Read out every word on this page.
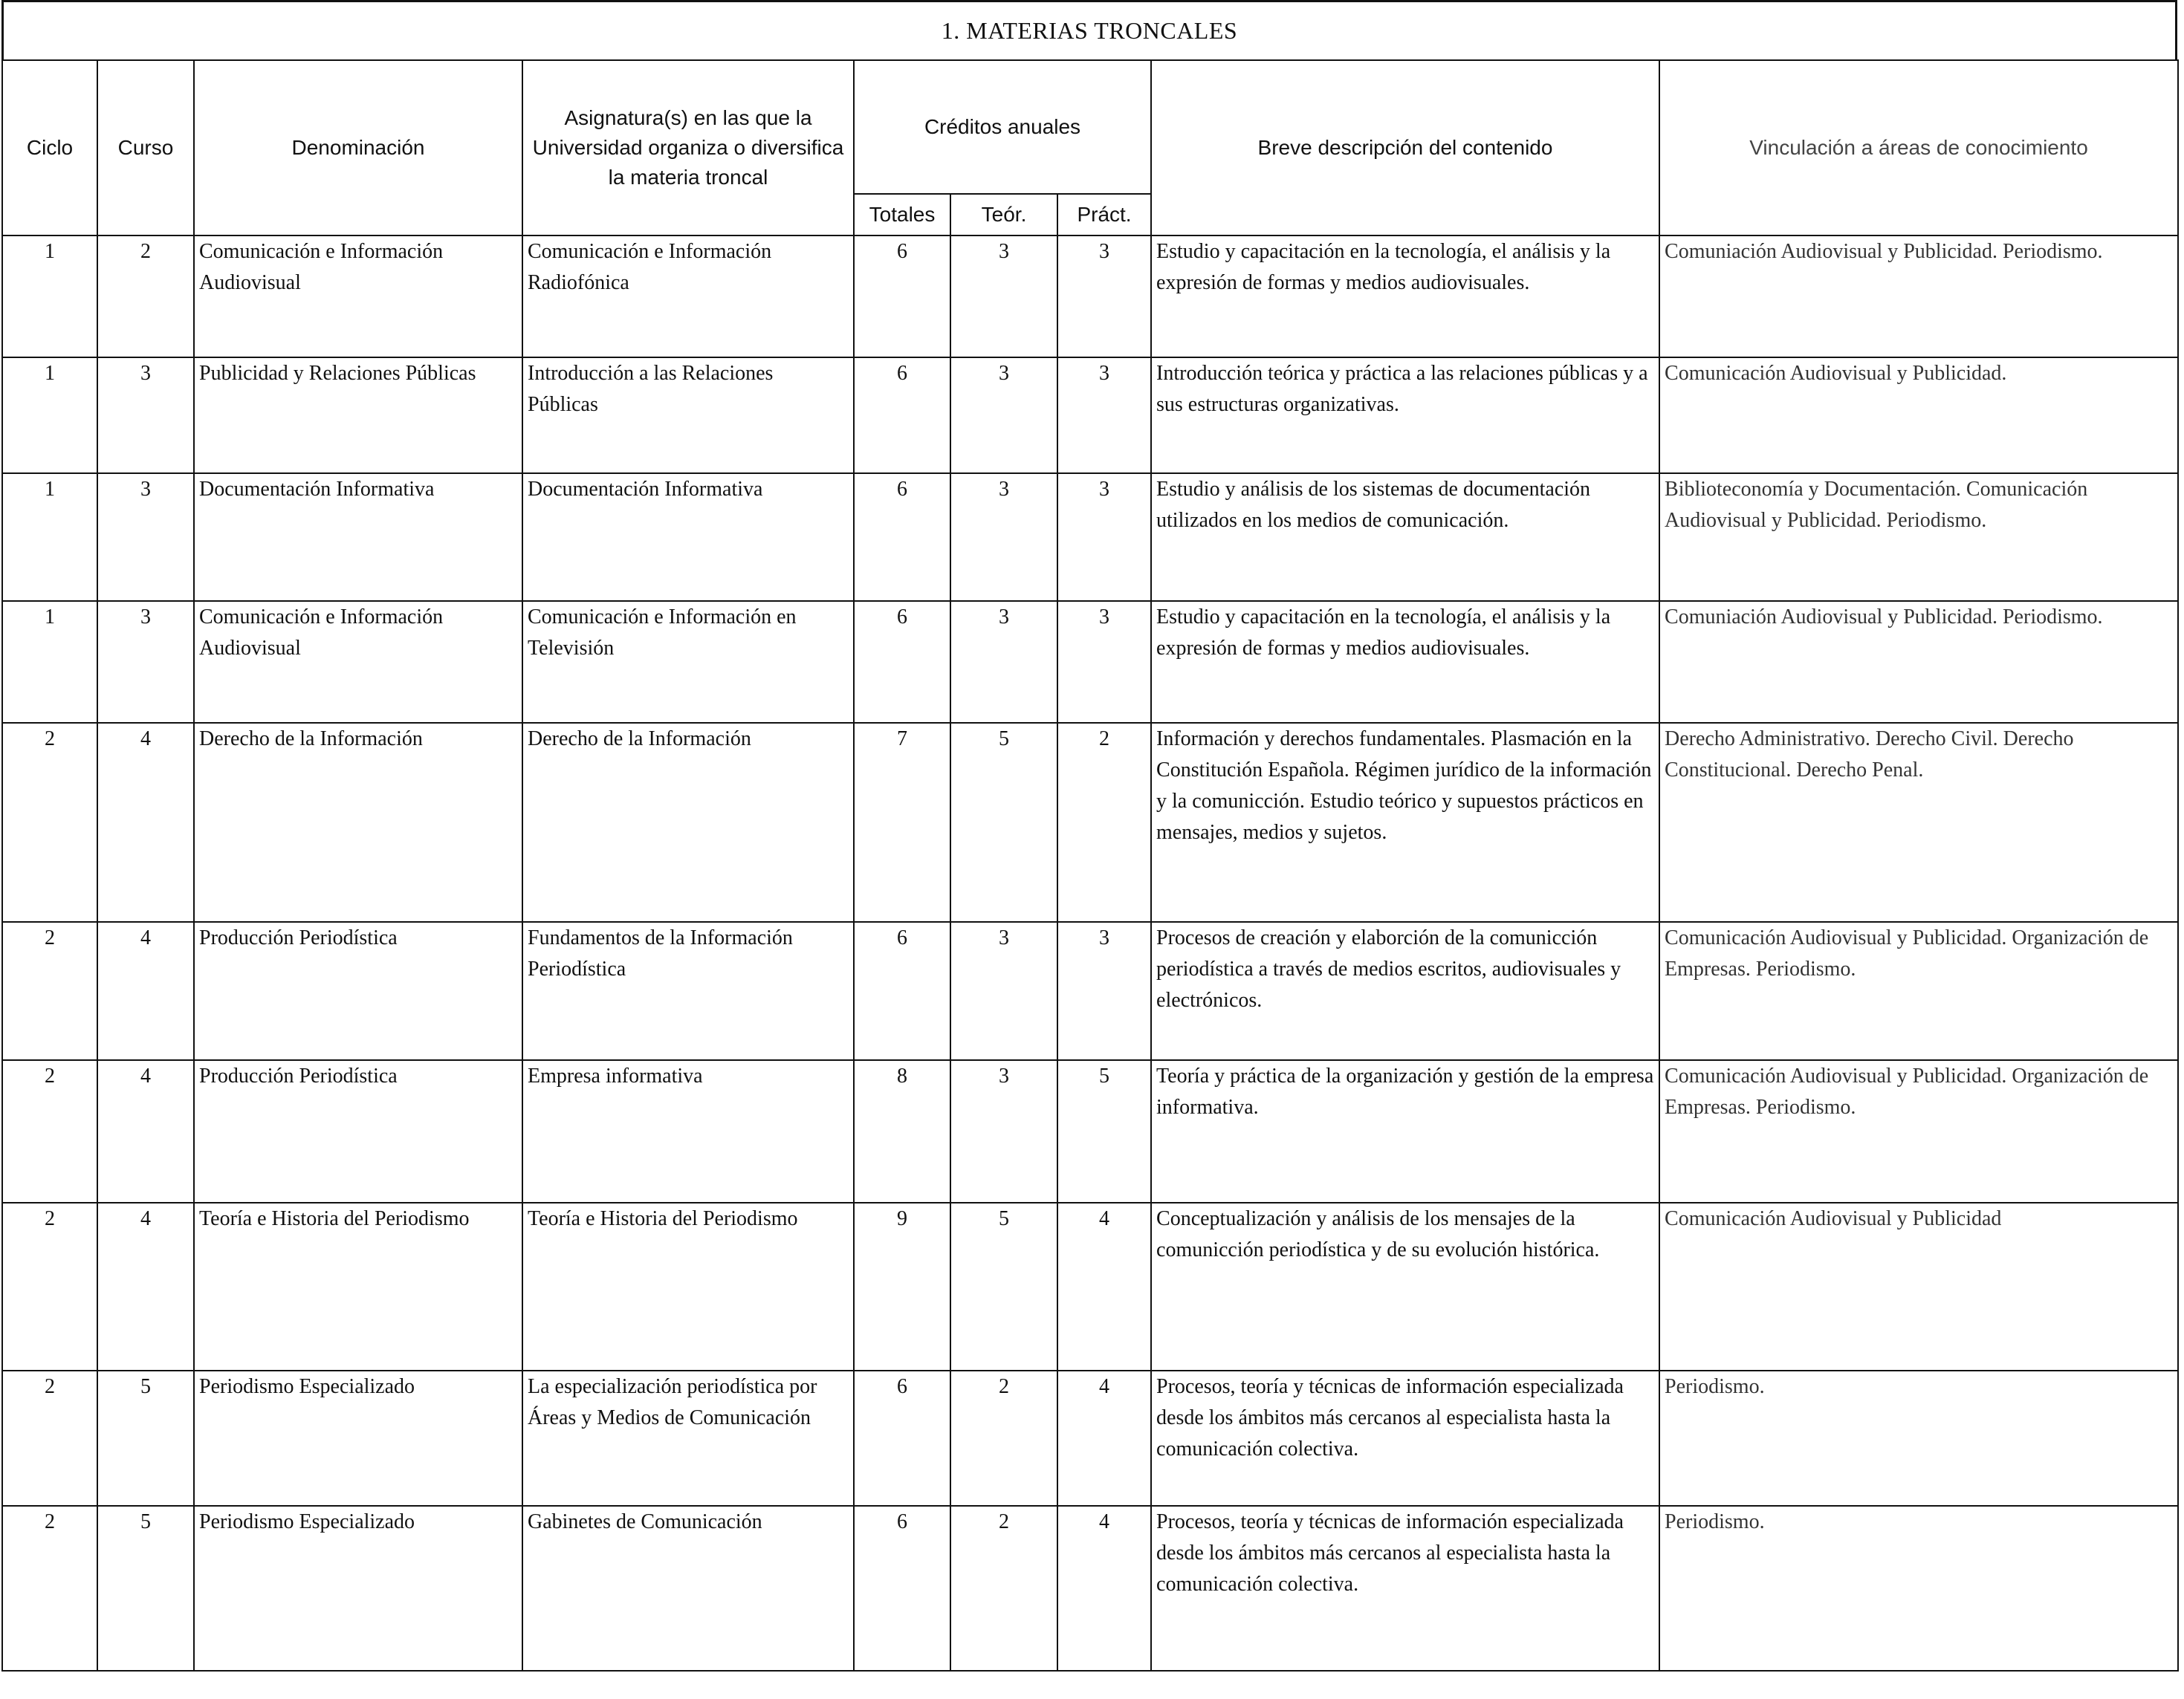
1. MATERIAS TRONCALES
Ciclo	Curso	Denominación	Asignatura(s) en las que la Universidad organiza o diversifica la materia troncal	Créditos anuales			Breve descripción del contenido	Vinculación a áreas de conocimiento
				Totales	Teór.	Práct.		
1	2	Comunicación e Información Audiovisual	Comunicación e Información Radiofónica	6	3	3	Estudio y capacitación en la tecnología, el análisis y la expresión de formas y medios audiovisuales.	Comuniación Audiovisual y Publicidad. Periodismo.
1	3	Publicidad y Relaciones Públicas	Introducción a las Relaciones Públicas	6	3	3	Introducción teórica y práctica a las relaciones públicas y a sus estructuras organizativas.	Comunicación Audiovisual y Publicidad.
1	3	Documentación Informativa	Documentación Informativa	6	3	3	Estudio y análisis de los sistemas de documentación utilizados en los medios de comunicación.	Biblioteconomía y Documentación. Comunicación Audiovisual y Publicidad. Periodismo.
1	3	Comunicación e Información Audiovisual	Comunicación e Información en Televisión	6	3	3	Estudio y capacitación en la tecnología, el análisis y la expresión de formas y medios audiovisuales.	Comuniación Audiovisual y Publicidad. Periodismo.
2	4	Derecho de la Información	Derecho de la Información	7	5	2	Información y derechos fundamentales. Plasmación en la Constitución Española. Régimen jurídico de la información y la comunicción. Estudio teórico y supuestos prácticos en mensajes, medios y sujetos.	Derecho Administrativo. Derecho Civil. Derecho Constitucional. Derecho Penal.
2	4	Producción Periodística	Fundamentos de la Información Periodística	6	3	3	Procesos de creación y elaborción de la comunicción periodística a través de medios escritos, audiovisuales y electrónicos.	Comunicación Audiovisual y Publicidad. Organización de Empresas. Periodismo.
2	4	Producción Periodística	Empresa informativa	8	3	5	Teoría y práctica de la organización y gestión de la empresa informativa.	Comunicación Audiovisual y Publicidad. Organización de Empresas. Periodismo.
2	4	Teoría e Historia del Periodismo	Teoría e Historia del Periodismo	9	5	4	Conceptualización y análisis de los mensajes de la comunicción periodística y de su evolución histórica.	Comunicación Audiovisual y Publicidad
2	5	Periodismo Especializado	La especialización periodística por Áreas y Medios de Comunicación	6	2	4	Procesos, teoría y técnicas de información especializada desde los ámbitos más cercanos al especialista hasta la comunicación colectiva.	Periodismo.
2	5	Periodismo Especializado	Gabinetes de Comunicación	6	2	4	Procesos, teoría y técnicas de información especializada desde los ámbitos más cercanos al especialista hasta la comunicación colectiva.	Periodismo.
